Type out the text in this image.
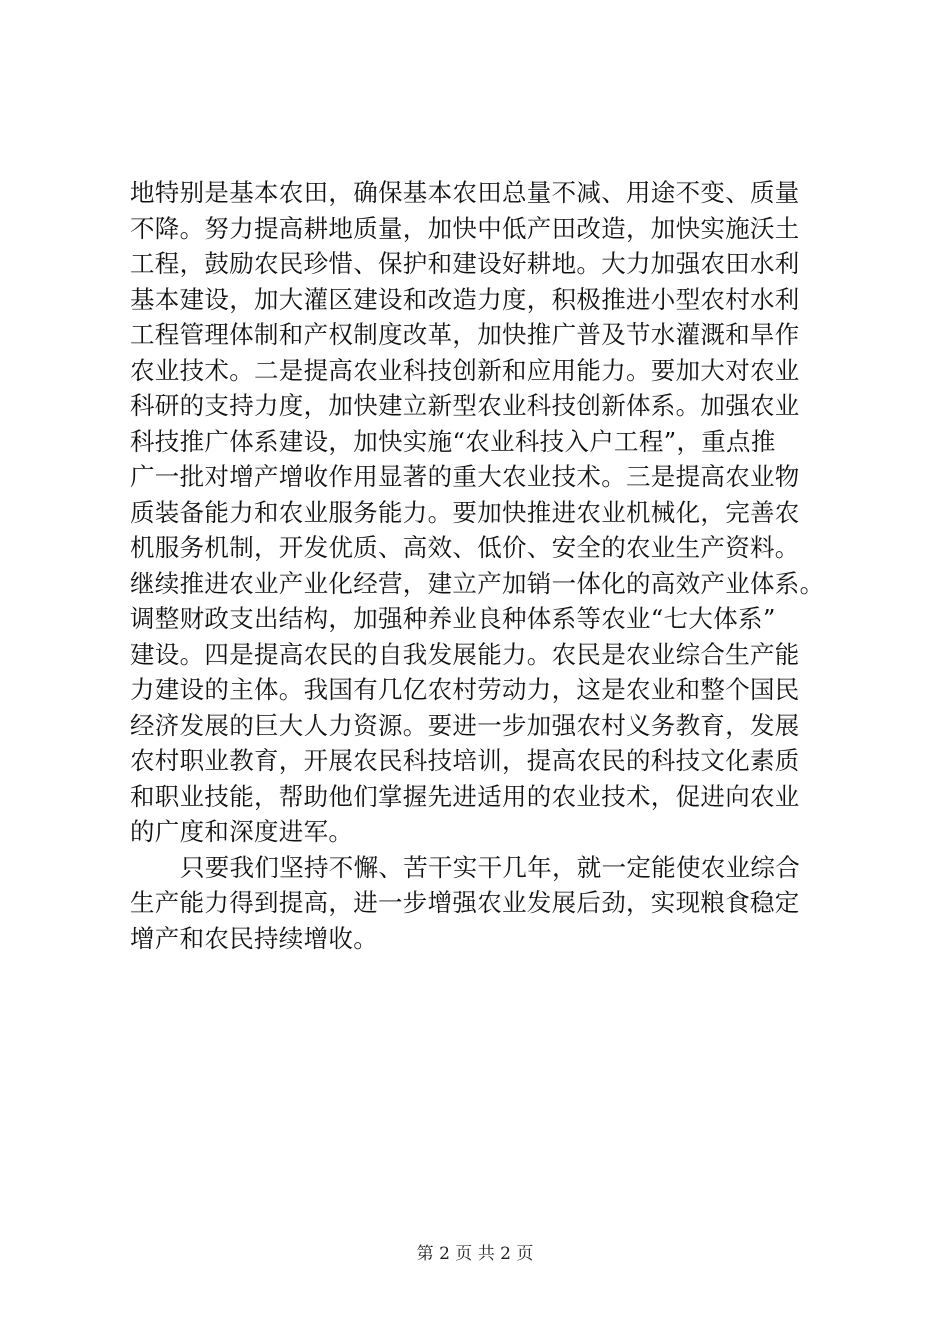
地特别是基本农田，确保基本农田总量不减、用途不变、质量
不降。努力提高耕地质量，加快中低产田改造，加快实施沃土
工程，鼓励农民珍惜、保护和建设好耕地。大力加强农田水利
基本建设，加大灌区建设和改造力度，积极推进小型农村水利
工程管理体制和产权制度改革，加快推广普及节水灌溉和旱作
农业技术。二是提高农业科技创新和应用能力。要加大对农业
科研的支持力度，加快建立新型农业科技创新体系。加强农业
科技推广体系建设，加快实施“农业科技入户工程”，重点推
广一批对增产增收作用显著的重大农业技术。三是提高农业物
质装备能力和农业服务能力。要加快推进农业机械化，完善农
机服务机制，开发优质、高效、低价、安全的农业生产资料。
继续推进农业产业化经营，建立产加销一体化的高效产业体系。
调整财政支出结构，加强种养业良种体系等农业“七大体系”
建设。四是提高农民的自我发展能力。农民是农业综合生产能
力建设的主体。我国有几亿农村劳动力，这是农业和整个国民
经济发展的巨大人力资源。要进一步加强农村义务教育，发展
农村职业教育，开展农民科技培训，提高农民的科技文化素质
和职业技能，帮助他们掌握先进适用的农业技术，促进向农业
的广度和深度进军。
只要我们坚持不懈、苦干实干几年，就一定能使农业综合
生产能力得到提高，进一步增强农业发展后劲，实现粮食稳定
增产和农民持续增收。
第 2 页 共 2 页
